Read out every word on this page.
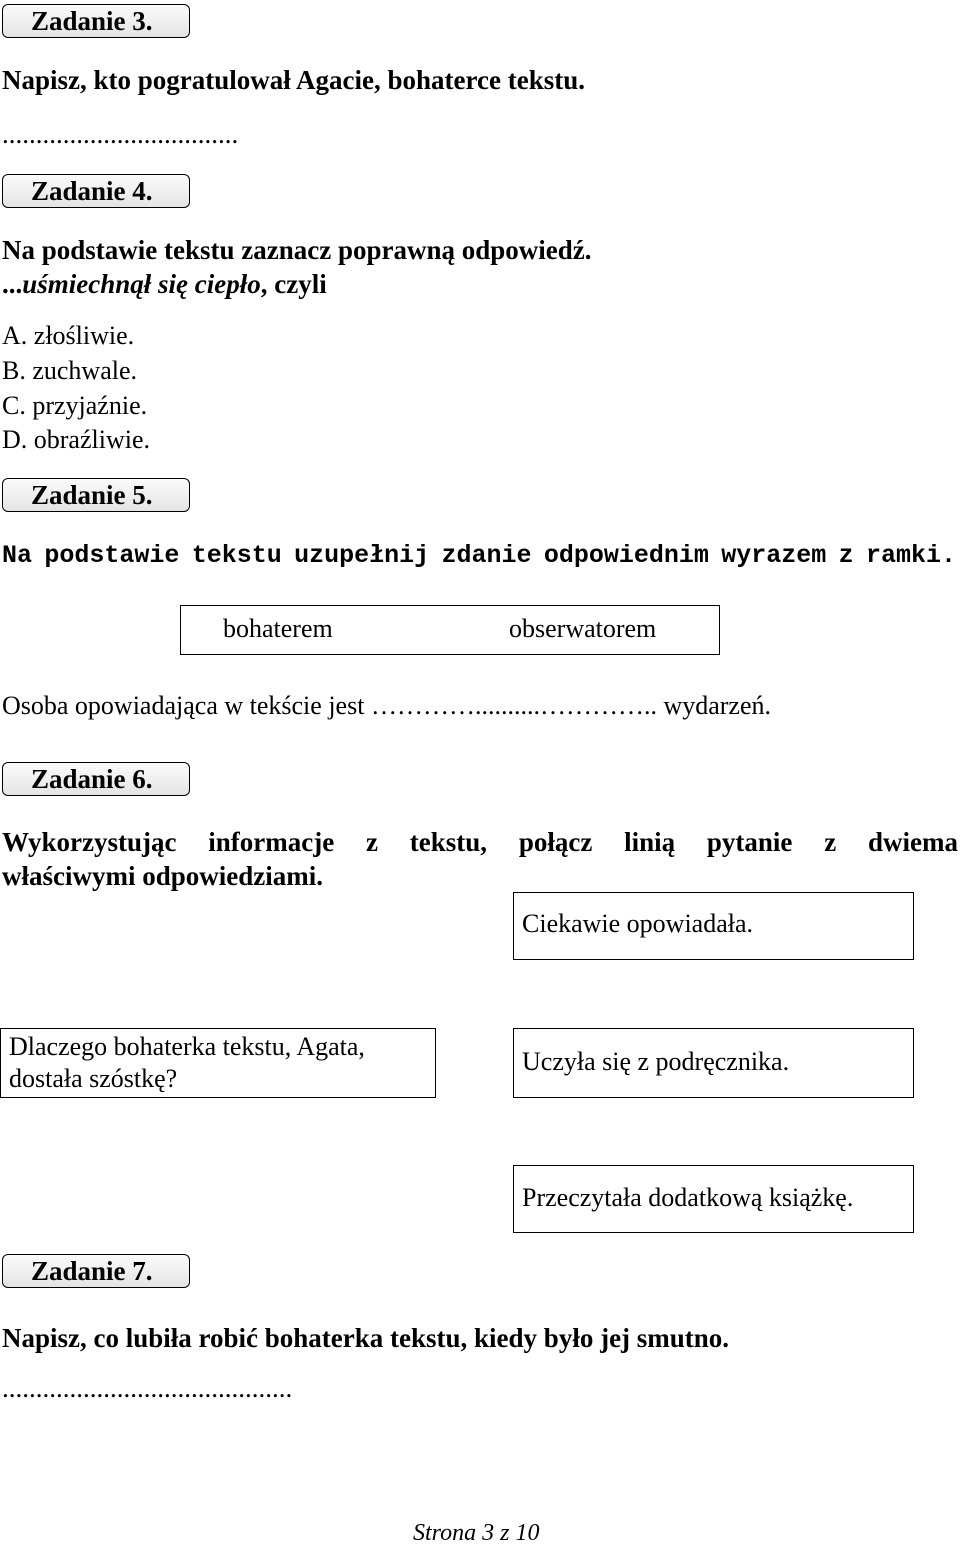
Zadanie 3.
Napisz, kto pogratulował Agacie, bohaterce tekstu.
...................................
Zadanie 4.
Na podstawie tekstu zaznacz poprawną odpowiedź.
...uśmiechnął się ciepło, czyli
A. złośliwie.
B. zuchwale.
C. przyjaźnie.
D. obraźliwie.
Zadanie 5.
Na podstawie tekstu uzupełnij zdanie odpowiednim wyrazem z ramki.
bohaterem	obserwatorem
Osoba opowiadająca w tekście jest …………..........………….. wydarzeń.
Zadanie 6.
Wykorzystując informacje z tekstu, połącz linią pytanie z dwiema
właściwymi odpowiedziami.
Ciekawie opowiadała.
Dlaczego bohaterka tekstu, Agata, dostała szóstkę?
Uczyła się z podręcznika.
Przeczytała dodatkową książkę.
Zadanie 7.
Napisz, co lubiła robić bohaterka tekstu, kiedy było jej smutno.
...........................................
Strona 3 z 10
